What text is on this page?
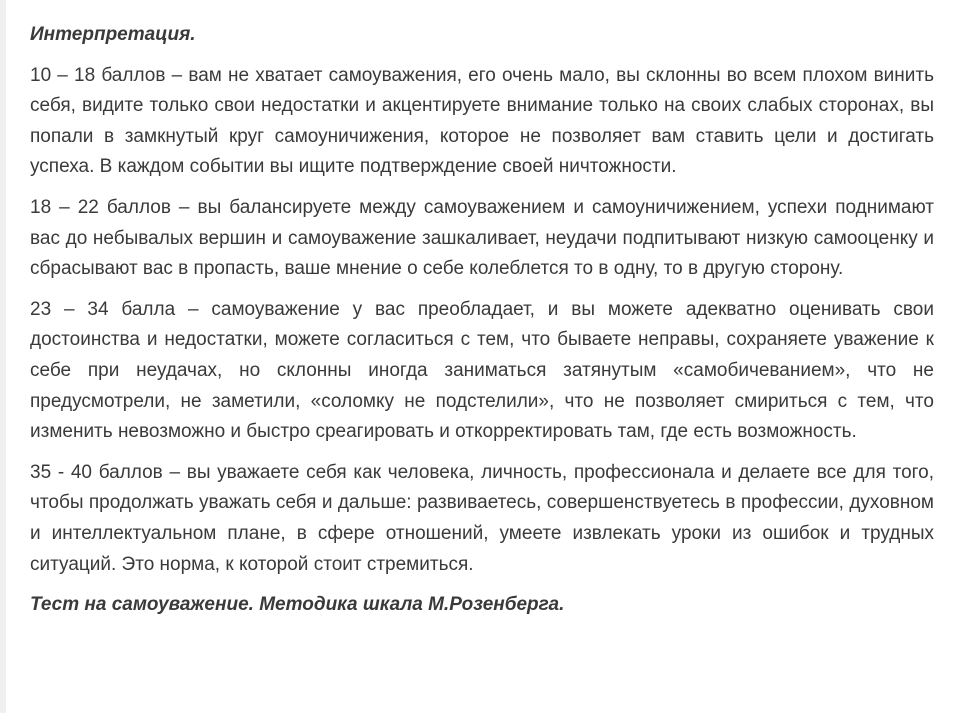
Интерпретация.

10 – 18 баллов – вам не хватает самоуважения, его очень мало, вы склонны во всем плохом винить себя, видите только свои недостатки и акцентируете внимание только на своих слабых сторонах, вы попали в замкнутый круг самоуничижения, которое не позволяет вам ставить цели и достигать успеха. В каждом событии вы ищите подтверждение своей ничтожности.

18 – 22 баллов – вы балансируете между самоуважением и самоуничижением, успехи поднимают вас до небывалых вершин и самоуважение зашкаливает, неудачи подпитывают низкую самооценку и сбрасывают вас в пропасть, ваше мнение о себе колеблется то в одну, то в другую сторону.

23 – 34 балла – самоуважение у вас преобладает, и вы можете адекватно оценивать свои достоинства и недостатки, можете согласиться с тем, что бываете неправы, сохраняете уважение к себе при неудачах, но склонны иногда заниматься затянутым «самобичеванием», что не предусмотрели, не заметили, «соломку не подстелили», что не позволяет смириться с тем, что изменить невозможно и быстро среагировать и откорректировать там, где есть возможность.

35 - 40 баллов – вы уважаете себя как человека, личность, профессионала и делаете все для того, чтобы продолжать уважать себя и дальше: развиваетесь, совершенствуетесь в профессии, духовном и интеллектуальном плане, в сфере отношений, умеете извлекать уроки из ошибок и трудных ситуаций. Это норма, к которой стоит стремиться.

Тест на самоуважение. Методика шкала М.Розенберга.
